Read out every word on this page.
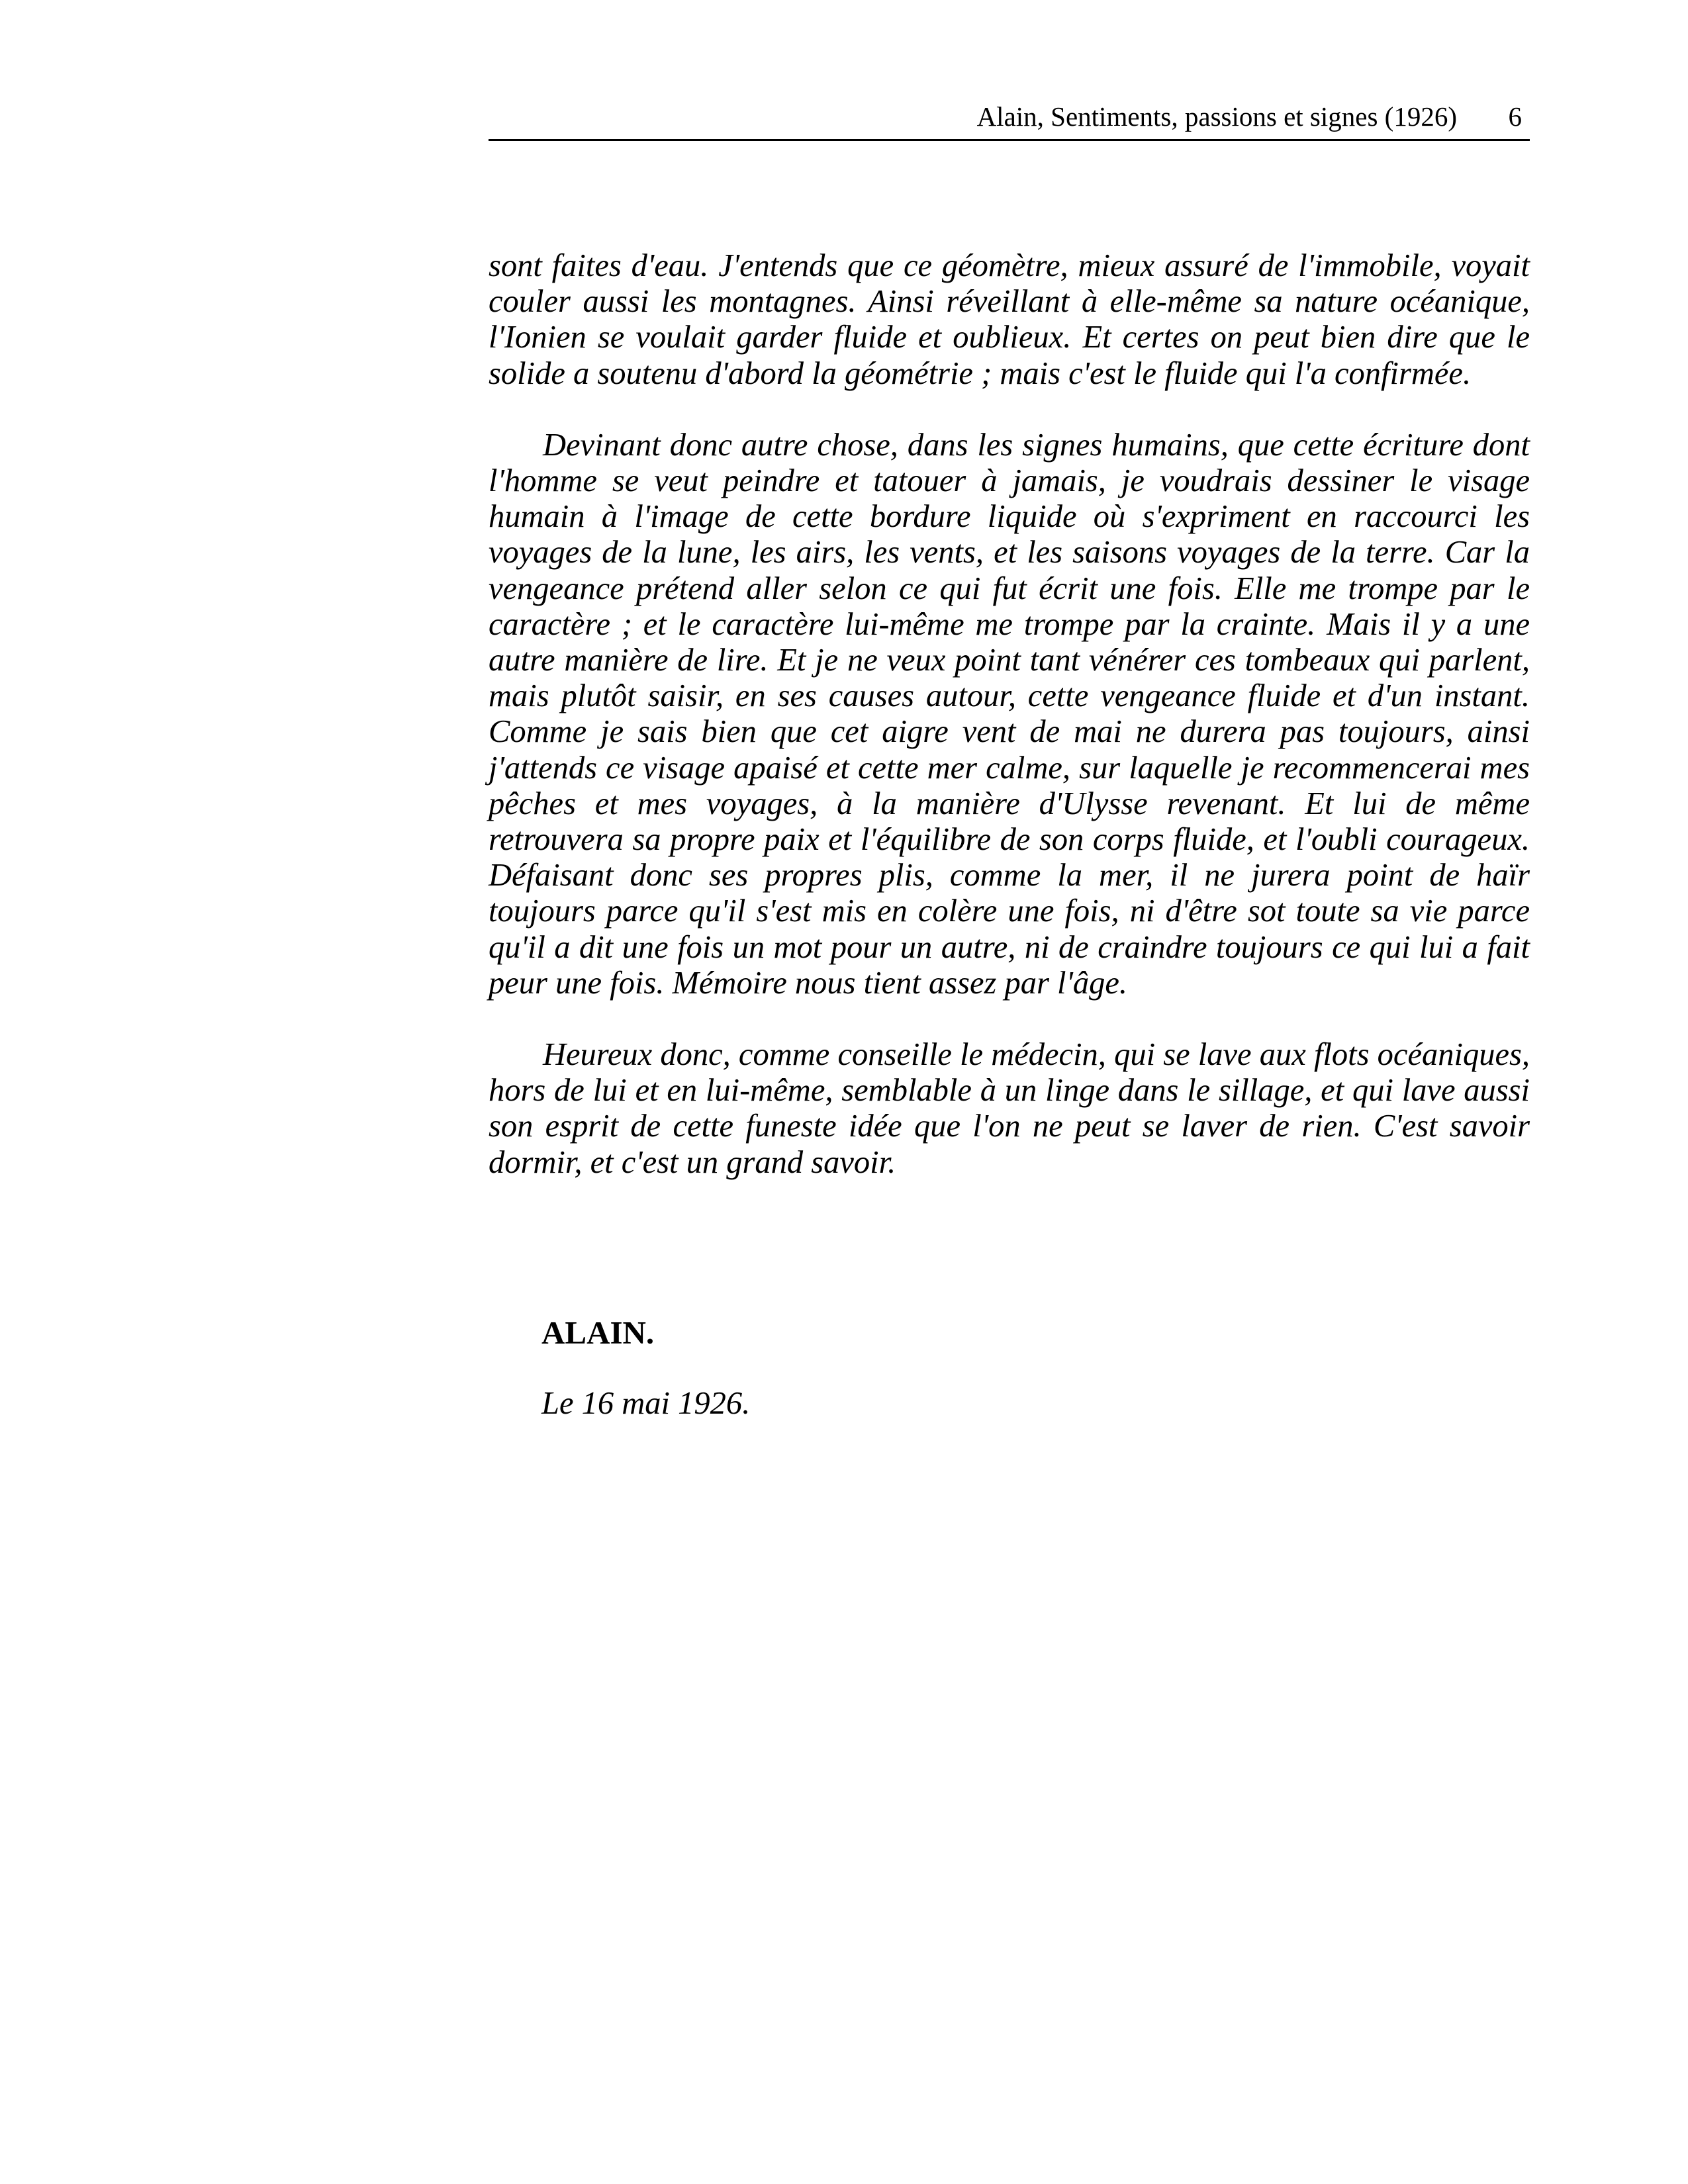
Alain, Sentiments, passions et signes (1926) 6

sont faites d'eau. J'entends que ce géomètre, mieux assuré de l'immobile, voyait couler aussi les montagnes. Ainsi réveillant à elle-même sa nature océanique, l'Ionien se voulait garder fluide et oublieux. Et certes on peut bien dire que le solide a soutenu d'abord la géométrie ; mais c'est le fluide qui l'a confirmée.

Devinant donc autre chose, dans les signes humains, que cette écriture dont l'homme se veut peindre et tatouer à jamais, je voudrais dessiner le visage humain à l'image de cette bordure liquide où s'expriment en raccourci les voyages de la lune, les airs, les vents, et les saisons voyages de la terre. Car la vengeance prétend aller selon ce qui fut écrit une fois. Elle me trompe par le caractère ; et le caractère lui-même me trompe par la crainte. Mais il y a une autre manière de lire. Et je ne veux point tant vénérer ces tombeaux qui parlent, mais plutôt saisir, en ses causes autour, cette vengeance fluide et d'un instant. Comme je sais bien que cet aigre vent de mai ne durera pas toujours, ainsi j'attends ce visage apaisé et cette mer calme, sur laquelle je recommencerai mes pêches et mes voyages, à la manière d'Ulysse revenant. Et lui de même retrouvera sa propre paix et l'équilibre de son corps fluide, et l'oubli courageux. Défaisant donc ses propres plis, comme la mer, il ne jurera point de haïr toujours parce qu'il s'est mis en colère une fois, ni d'être sot toute sa vie parce qu'il a dit une fois un mot pour un autre, ni de craindre toujours ce qui lui a fait peur une fois. Mémoire nous tient assez par l'âge.

Heureux donc, comme conseille le médecin, qui se lave aux flots océaniques, hors de lui et en lui-même, semblable à un linge dans le sillage, et qui lave aussi son esprit de cette funeste idée que l'on ne peut se laver de rien. C'est savoir dormir, et c'est un grand savoir.

ALAIN.
Le 16 mai 1926.
